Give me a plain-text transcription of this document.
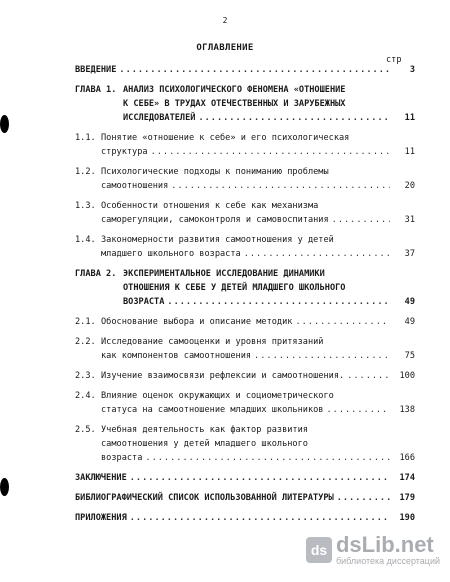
2
ОГЛАВЛЕНИЕ
стр
ВВЕДЕНИЕ .....	3
ГЛАВА 1. АНАЛИЗ ПСИХОЛОГИЧЕСКОГО ФЕНОМЕНА «ОТНОШЕНИЕ
К СЕБЕ» В ТРУДАХ ОТЕЧЕСТВЕННЫХ И ЗАРУБЕЖНЫХ
ИССЛЕДОВАТЕЛЕЙ .....	11
1.1. Понятие «отношение к себе» и его психологическая
структура .....	11
1.2. Психологические подходы к пониманию проблемы
самоотношения .....	20
1.3. Особенности отношения к себе как механизма
саморегуляции, самоконтроля и самовоспитания .....	31
1.4. Закономерности развития самоотношения у детей
младшего школьного возраста .....	37
ГЛАВА 2. ЭКСПЕРИМЕНТАЛЬНОЕ ИССЛЕДОВАНИЕ ДИНАМИКИ
ОТНОШЕНИЯ К СЕБЕ У ДЕТЕЙ МЛАДШЕГО ШКОЛЬНОГО
ВОЗРАСТА .....	49
2.1. Обоснование выбора и описание методик .....	49
2.2. Исследование самооценки и уровня притязаний
как компонентов самоотношения .....	75
2.3. Изучение взаимосвязи рефлексии и самоотношения. .....	100
2.4. Влияние оценок окружающих и социометрического
статуса на самоотношение младших школьников .....	138
2.5. Учебная деятельность как фактор развития
самоотношения у детей младшего школьного
возраста .....	166
ЗАКЛЮЧЕНИЕ .....	174
БИБЛИОГРАФИЧЕСКИЙ СПИСОК ИСПОЛЬЗОВАННОЙ ЛИТЕРАТУРЫ .....	179
ПРИЛОЖЕНИЯ .....	190
ds dsLib.net
библиотека диссертаций
